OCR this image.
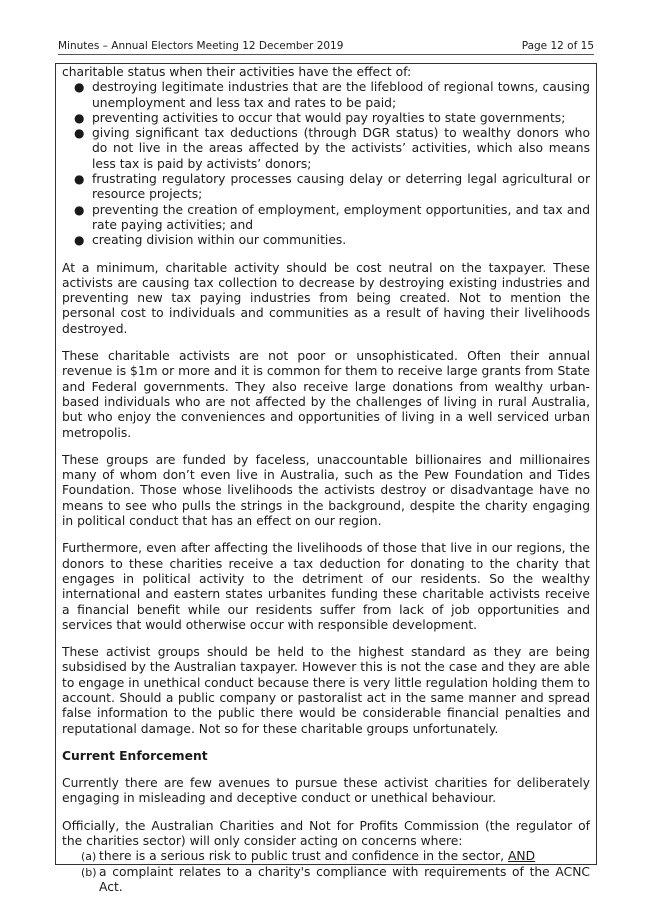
Minutes – Annual Electors Meeting 12 December 2019	Page 12 of 15

charitable status when their activities have the effect of:

● destroying legitimate industries that are the lifeblood of regional towns, causing unemployment and less tax and rates to be paid;
● preventing activities to occur that would pay royalties to state governments;
● giving significant tax deductions (through DGR status) to wealthy donors who do not live in the areas affected by the activists’ activities, which also means less tax is paid by activists’ donors;
● frustrating regulatory processes causing delay or deterring legal agricultural or resource projects;
● preventing the creation of employment, employment opportunities, and tax and rate paying activities; and
● creating division within our communities.

At a minimum, charitable activity should be cost neutral on the taxpayer. These activists are causing tax collection to decrease by destroying existing industries and preventing new tax paying industries from being created. Not to mention the personal cost to individuals and communities as a result of having their livelihoods destroyed.

These charitable activists are not poor or unsophisticated. Often their annual revenue is $1m or more and it is common for them to receive large grants from State and Federal governments. They also receive large donations from wealthy urban-based individuals who are not affected by the challenges of living in rural Australia, but who enjoy the conveniences and opportunities of living in a well serviced urban metropolis.

These groups are funded by faceless, unaccountable billionaires and millionaires many of whom don’t even live in Australia, such as the Pew Foundation and Tides Foundation. Those whose livelihoods the activists destroy or disadvantage have no means to see who pulls the strings in the background, despite the charity engaging in political conduct that has an effect on our region.

Furthermore, even after affecting the livelihoods of those that live in our regions, the donors to these charities receive a tax deduction for donating to the charity that engages in political activity to the detriment of our residents. So the wealthy international and eastern states urbanites funding these charitable activists receive a financial benefit while our residents suffer from lack of job opportunities and services that would otherwise occur with responsible development.

These activist groups should be held to the highest standard as they are being subsidised by the Australian taxpayer. However this is not the case and they are able to engage in unethical conduct because there is very little regulation holding them to account. Should a public company or pastoralist act in the same manner and spread false information to the public there would be considerable financial penalties and reputational damage. Not so for these charitable groups unfortunately.

Current Enforcement

Currently there are few avenues to pursue these activist charities for deliberately engaging in misleading and deceptive conduct or unethical behaviour.

Officially, the Australian Charities and Not for Profits Commission (the regulator of the charities sector) will only consider acting on concerns where:

(a) there is a serious risk to public trust and confidence in the sector, AND
(b) a complaint relates to a charity's compliance with requirements of the ACNC Act.
